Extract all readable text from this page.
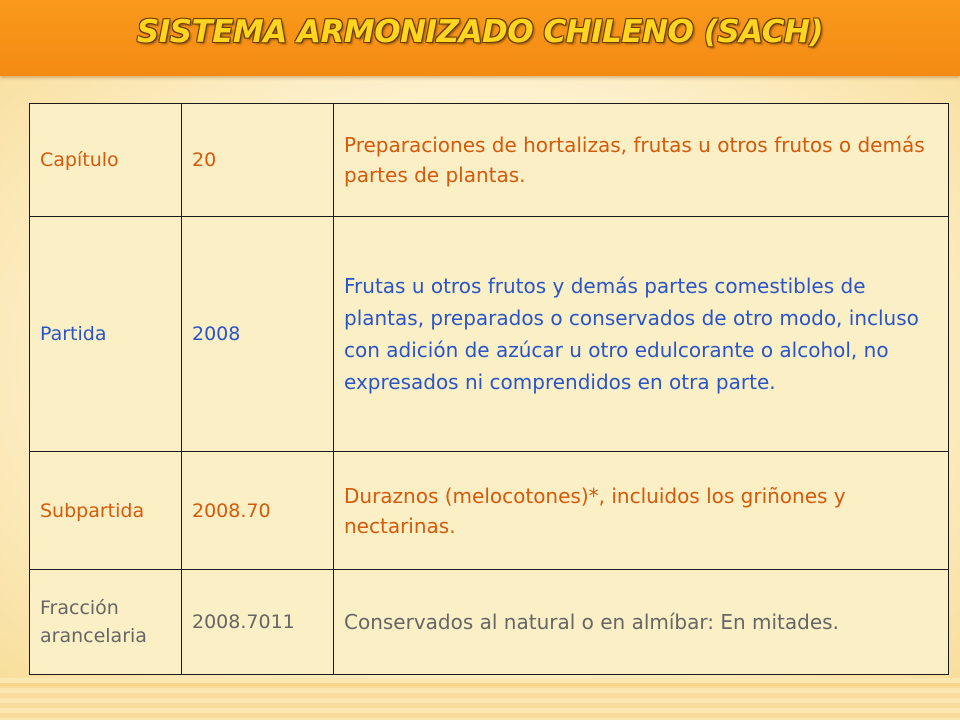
SISTEMA ARMONIZADO CHILENO (SACH)
Capítulo	20	Preparaciones de hortalizas, frutas u otros frutos o demás partes de plantas.
Partida	2008	Frutas u otros frutos y demás partes comestibles de plantas, preparados o conservados de otro modo, incluso con adición de azúcar u otro edulcorante o alcohol, no expresados ni comprendidos en otra parte.
Subpartida	2008.70	Duraznos (melocotones)*, incluidos los griñones y nectarinas.
Fracción arancelaria	2008.7011	Conservados al natural o en almíbar: En mitades.
